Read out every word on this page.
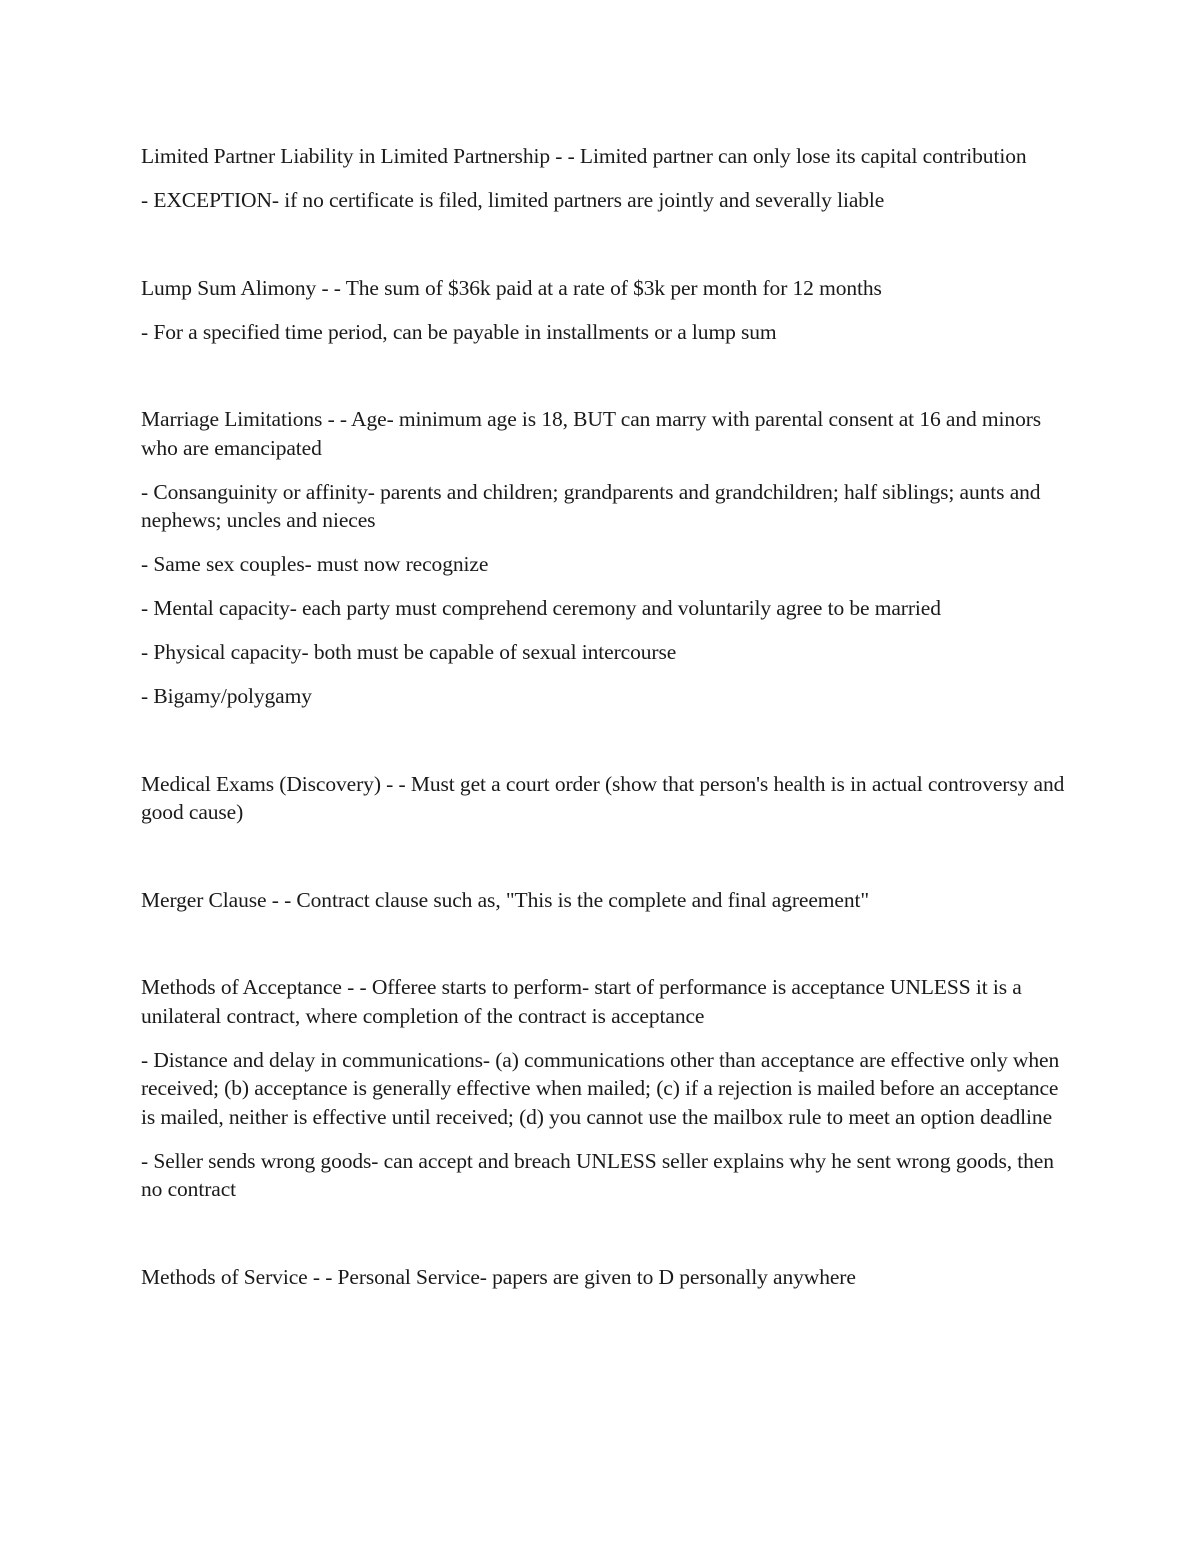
Limited Partner Liability in Limited Partnership - - Limited partner can only lose its capital contribution

- EXCEPTION- if no certificate is filed, limited partners are jointly and severally liable

Lump Sum Alimony - - The sum of $36k paid at a rate of $3k per month for 12 months

- For a specified time period, can be payable in installments or a lump sum

Marriage Limitations - - Age- minimum age is 18, BUT can marry with parental consent at 16 and minors who are emancipated

- Consanguinity or affinity- parents and children; grandparents and grandchildren; half siblings; aunts and nephews; uncles and nieces

- Same sex couples- must now recognize

- Mental capacity- each party must comprehend ceremony and voluntarily agree to be married

- Physical capacity- both must be capable of sexual intercourse

- Bigamy/polygamy

Medical Exams (Discovery) - - Must get a court order (show that person's health is in actual controversy and good cause)

Merger Clause - - Contract clause such as, "This is the complete and final agreement"

Methods of Acceptance - - Offeree starts to perform- start of performance is acceptance UNLESS it is a unilateral contract, where completion of the contract is acceptance

- Distance and delay in communications- (a) communications other than acceptance are effective only when received; (b) acceptance is generally effective when mailed; (c) if a rejection is mailed before an acceptance is mailed, neither is effective until received; (d) you cannot use the mailbox rule to meet an option deadline

- Seller sends wrong goods- can accept and breach UNLESS seller explains why he sent wrong goods, then no contract

Methods of Service - - Personal Service- papers are given to D personally anywhere
